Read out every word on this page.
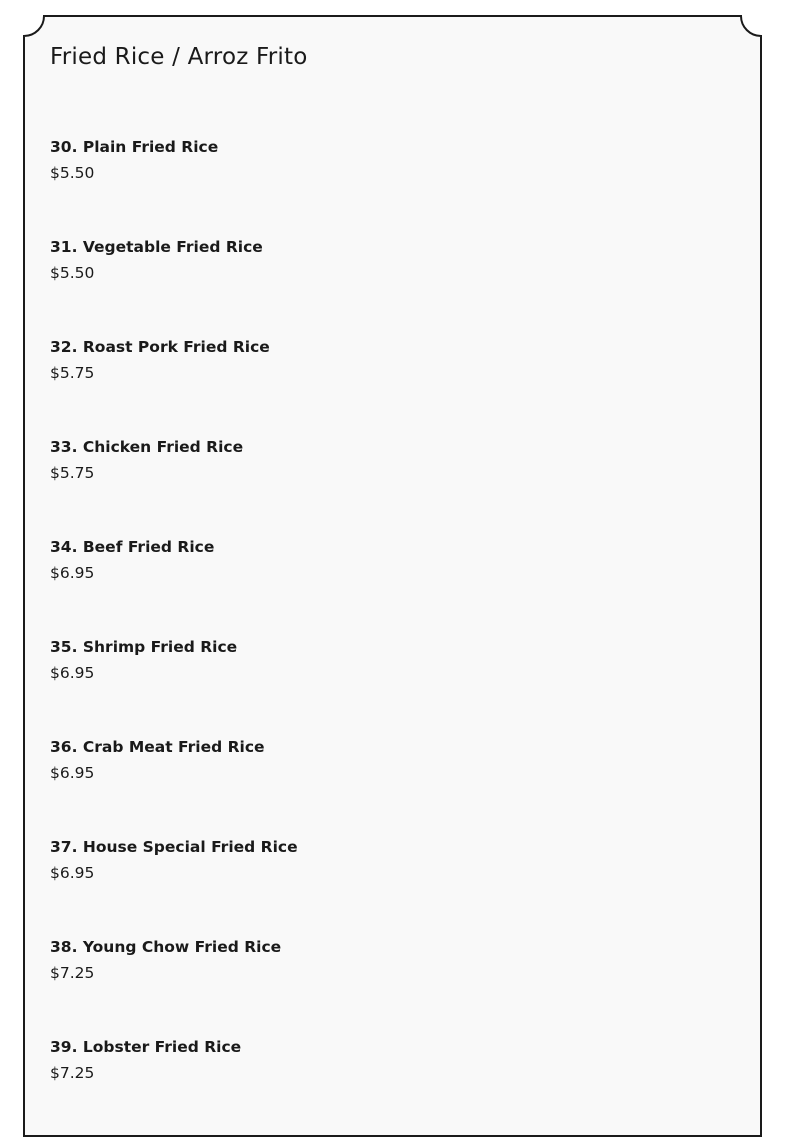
Fried Rice / Arroz Frito
30. Plain Fried Rice
$5.50
31. Vegetable Fried Rice
$5.50
32. Roast Pork Fried Rice
$5.75
33. Chicken Fried Rice
$5.75
34. Beef Fried Rice
$6.95
35. Shrimp Fried Rice
$6.95
36. Crab Meat Fried Rice
$6.95
37. House Special Fried Rice
$6.95
38. Young Chow Fried Rice
$7.25
39. Lobster Fried Rice
$7.25
